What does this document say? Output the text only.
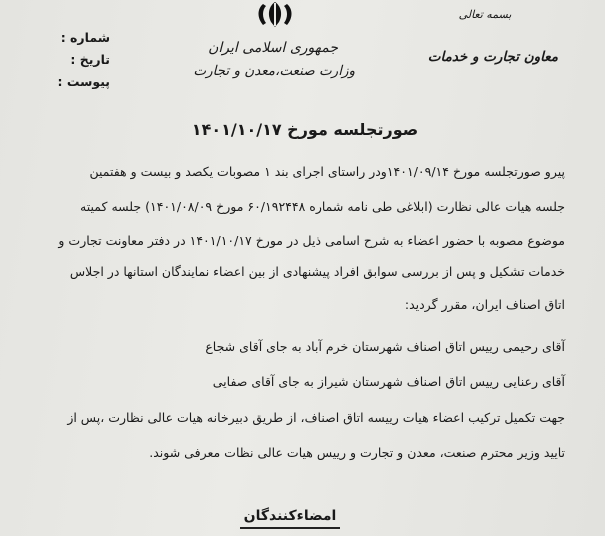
جمهوری اسلامی ایران
وزارت صنعت،معدن و تجارت
بسمه تعالی
معاون تجارت و خدمات
شماره :
تاریخ :
پیوست :
صورتجلسه مورخ ۱۴۰۱/۱۰/۱۷
پیرو صورتجلسه مورخ ۱۴۰۱/۰۹/۱۴ودر راستای اجرای بند ۱ مصوبات یکصد و بیست و هفتمین
جلسه هیات عالی نظارت (ابلاغی طی نامه شماره ۶۰/۱۹۲۴۴۸ مورخ ۱۴۰۱/۰۸/۰۹) جلسه کمیته
موضوع مصوبه با حضور اعضاء به شرح اسامی ذیل در مورخ ۱۴۰۱/۱۰/۱۷ در دفتر معاونت تجارت و
خدمات تشکیل و پس از بررسی سوابق افراد پیشنهادی از بین اعضاء نمایندگان استانها در اجلاس
اتاق اصناف ایران، مقرر گردید:
آقای رحیمی رییس اتاق اصناف شهرستان خرم آباد به جای آقای شجاع
آقای رعنایی رییس اتاق اصناف شهرستان شیراز به جای آقای صفایی
جهت تکمیل ترکیب اعضاء هیات رییسه اتاق اصناف، از طریق دبیرخانه هیات عالی نظارت ،پس از
تایید وزیر محترم صنعت، معدن و تجارت و رییس هیات عالی نظات معرفی شوند.
امضاءکنندگان
